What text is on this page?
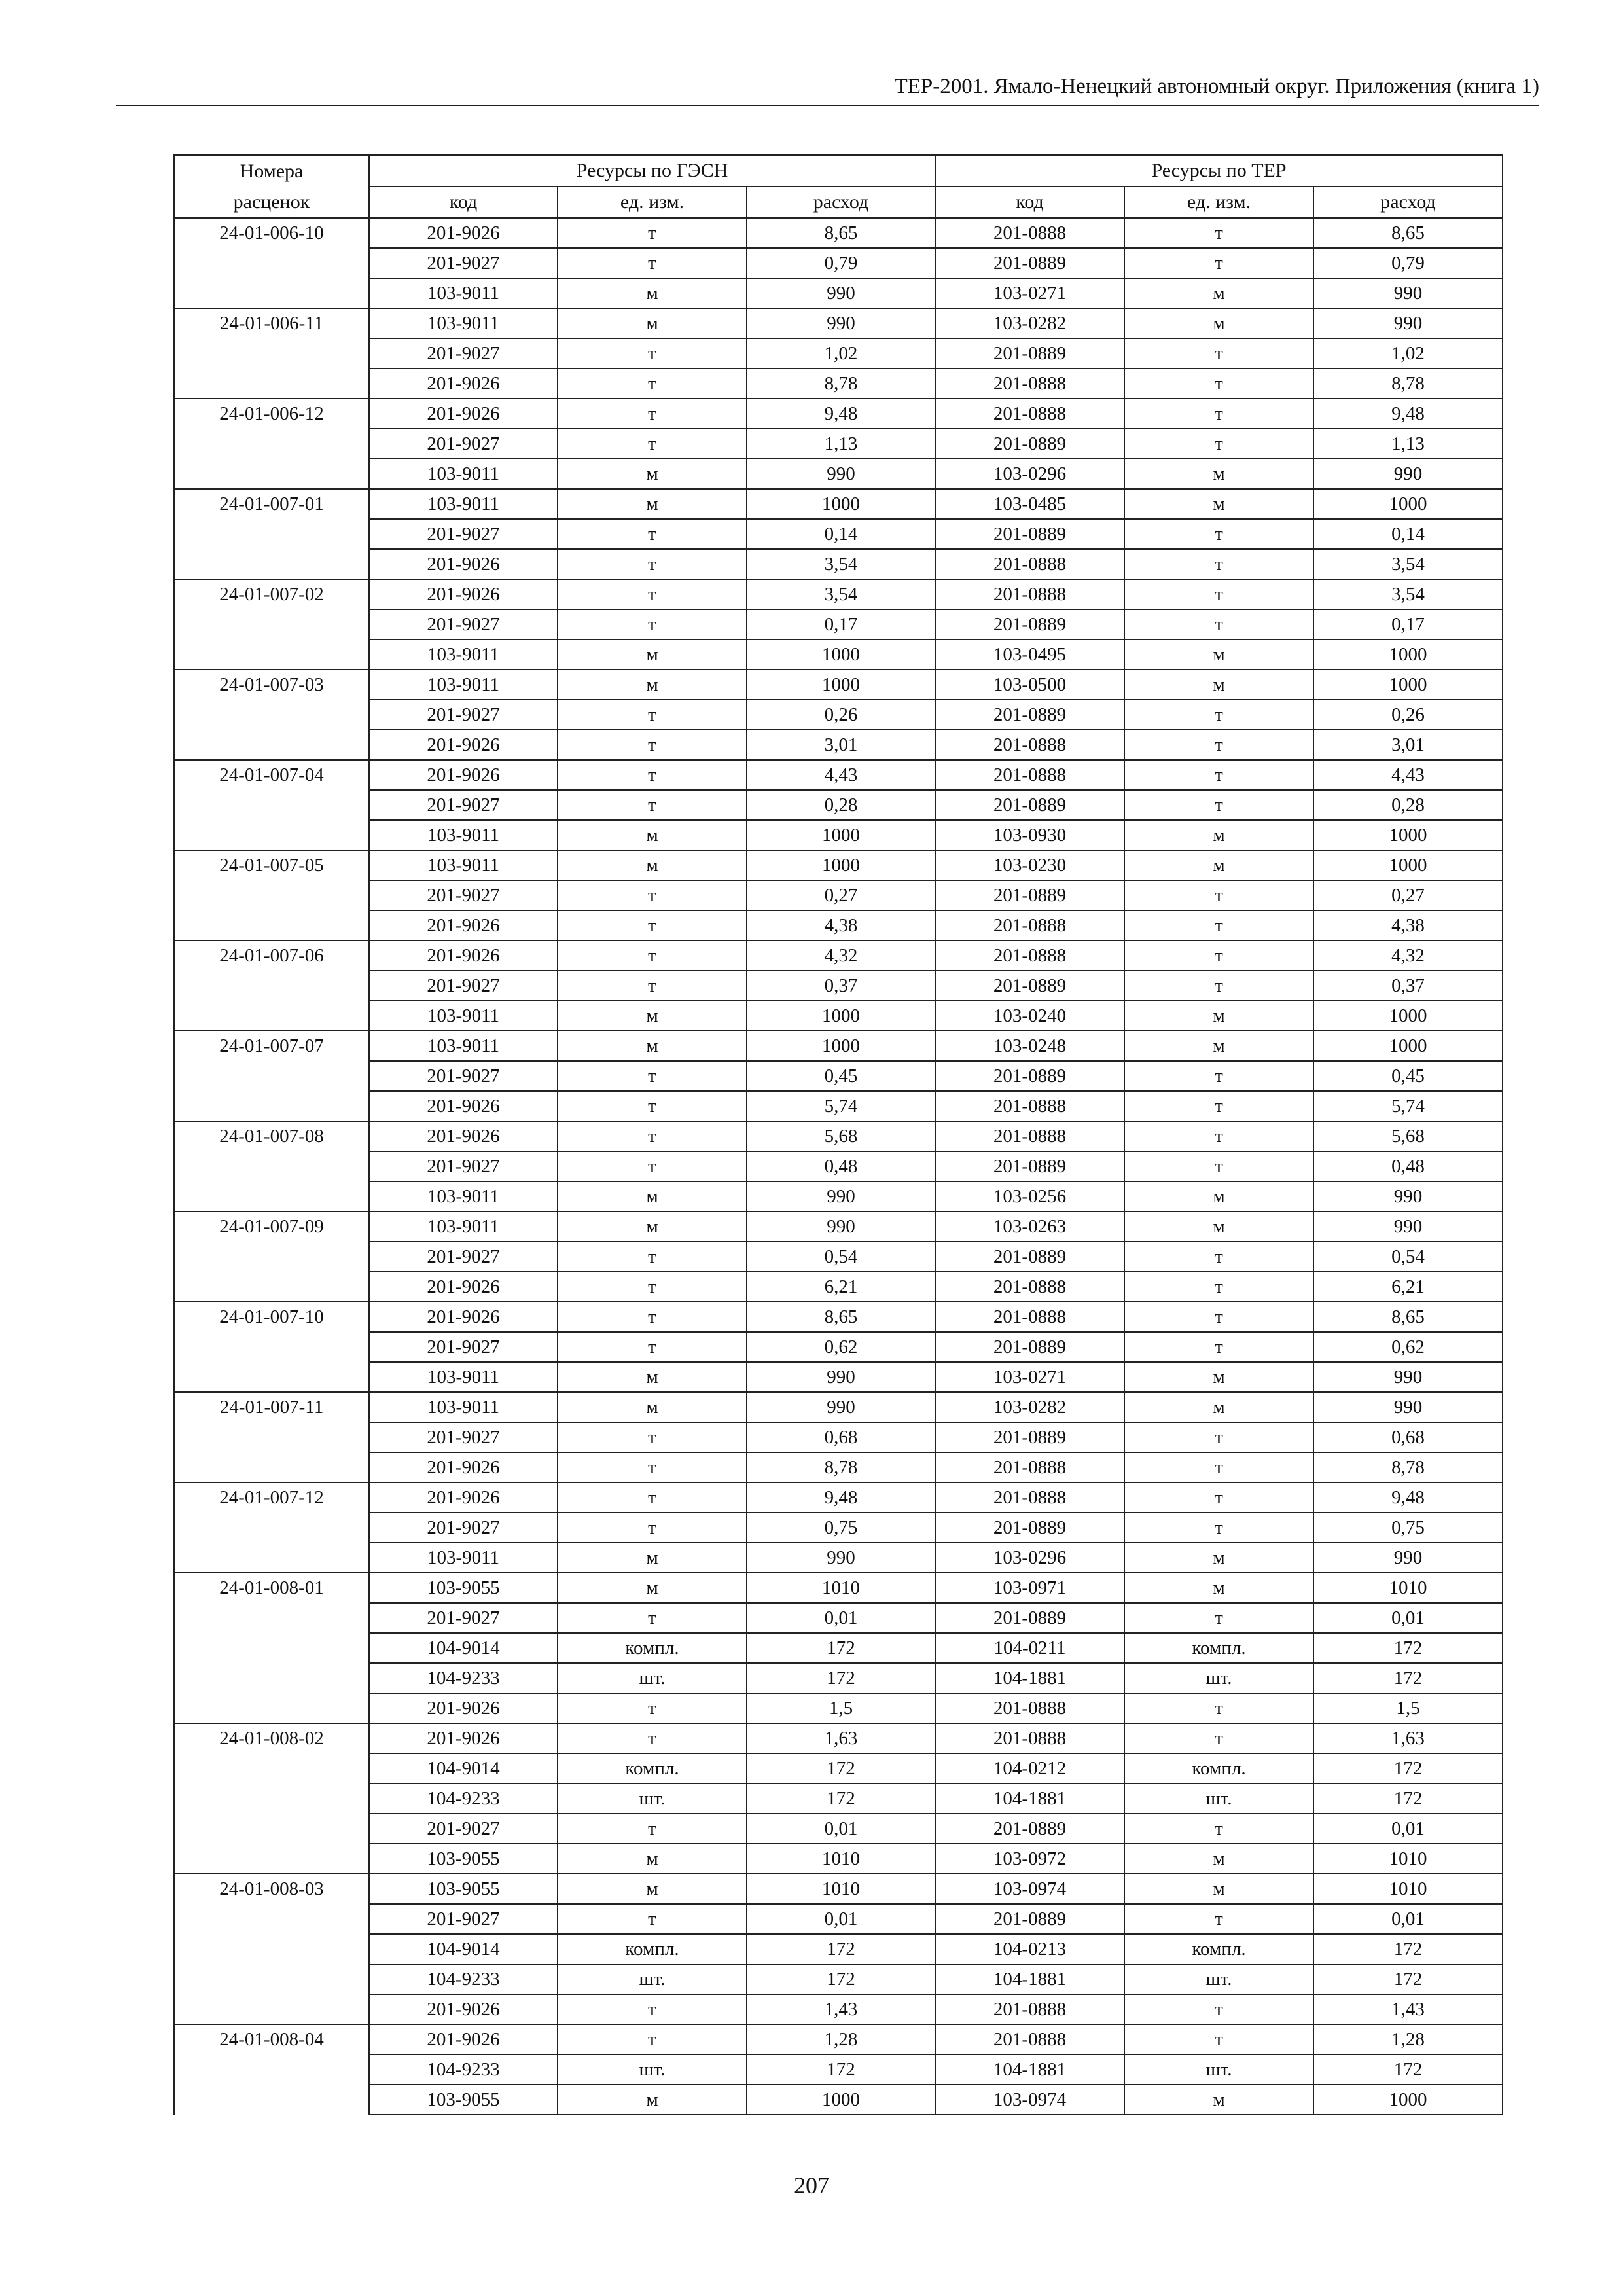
ТЕР-2001. Ямало-Ненецкий автономный округ. Приложения (книга 1)
Номера	Ресурсы по ГЭСН			Ресурсы по ТЕР		
расценок	код	ед. изм.	расход	код	ед. изм.	расход
24-01-006-10	201-9026	т	8,65	201-0888	т	8,65
	201-9027	т	0,79	201-0889	т	0,79
	103-9011	м	990	103-0271	м	990
24-01-006-11	103-9011	м	990	103-0282	м	990
	201-9027	т	1,02	201-0889	т	1,02
	201-9026	т	8,78	201-0888	т	8,78
24-01-006-12	201-9026	т	9,48	201-0888	т	9,48
	201-9027	т	1,13	201-0889	т	1,13
	103-9011	м	990	103-0296	м	990
24-01-007-01	103-9011	м	1000	103-0485	м	1000
	201-9027	т	0,14	201-0889	т	0,14
	201-9026	т	3,54	201-0888	т	3,54
24-01-007-02	201-9026	т	3,54	201-0888	т	3,54
	201-9027	т	0,17	201-0889	т	0,17
	103-9011	м	1000	103-0495	м	1000
24-01-007-03	103-9011	м	1000	103-0500	м	1000
	201-9027	т	0,26	201-0889	т	0,26
	201-9026	т	3,01	201-0888	т	3,01
24-01-007-04	201-9026	т	4,43	201-0888	т	4,43
	201-9027	т	0,28	201-0889	т	0,28
	103-9011	м	1000	103-0930	м	1000
24-01-007-05	103-9011	м	1000	103-0230	м	1000
	201-9027	т	0,27	201-0889	т	0,27
	201-9026	т	4,38	201-0888	т	4,38
24-01-007-06	201-9026	т	4,32	201-0888	т	4,32
	201-9027	т	0,37	201-0889	т	0,37
	103-9011	м	1000	103-0240	м	1000
24-01-007-07	103-9011	м	1000	103-0248	м	1000
	201-9027	т	0,45	201-0889	т	0,45
	201-9026	т	5,74	201-0888	т	5,74
24-01-007-08	201-9026	т	5,68	201-0888	т	5,68
	201-9027	т	0,48	201-0889	т	0,48
	103-9011	м	990	103-0256	м	990
24-01-007-09	103-9011	м	990	103-0263	м	990
	201-9027	т	0,54	201-0889	т	0,54
	201-9026	т	6,21	201-0888	т	6,21
24-01-007-10	201-9026	т	8,65	201-0888	т	8,65
	201-9027	т	0,62	201-0889	т	0,62
	103-9011	м	990	103-0271	м	990
24-01-007-11	103-9011	м	990	103-0282	м	990
	201-9027	т	0,68	201-0889	т	0,68
	201-9026	т	8,78	201-0888	т	8,78
24-01-007-12	201-9026	т	9,48	201-0888	т	9,48
	201-9027	т	0,75	201-0889	т	0,75
	103-9011	м	990	103-0296	м	990
24-01-008-01	103-9055	м	1010	103-0971	м	1010
	201-9027	т	0,01	201-0889	т	0,01
	104-9014	компл.	172	104-0211	компл.	172
	104-9233	шт.	172	104-1881	шт.	172
	201-9026	т	1,5	201-0888	т	1,5
24-01-008-02	201-9026	т	1,63	201-0888	т	1,63
	104-9014	компл.	172	104-0212	компл.	172
	104-9233	шт.	172	104-1881	шт.	172
	201-9027	т	0,01	201-0889	т	0,01
	103-9055	м	1010	103-0972	м	1010
24-01-008-03	103-9055	м	1010	103-0974	м	1010
	201-9027	т	0,01	201-0889	т	0,01
	104-9014	компл.	172	104-0213	компл.	172
	104-9233	шт.	172	104-1881	шт.	172
	201-9026	т	1,43	201-0888	т	1,43
24-01-008-04	201-9026	т	1,28	201-0888	т	1,28
	104-9233	шт.	172	104-1881	шт.	172
	103-9055	м	1000	103-0974	м	1000
207
